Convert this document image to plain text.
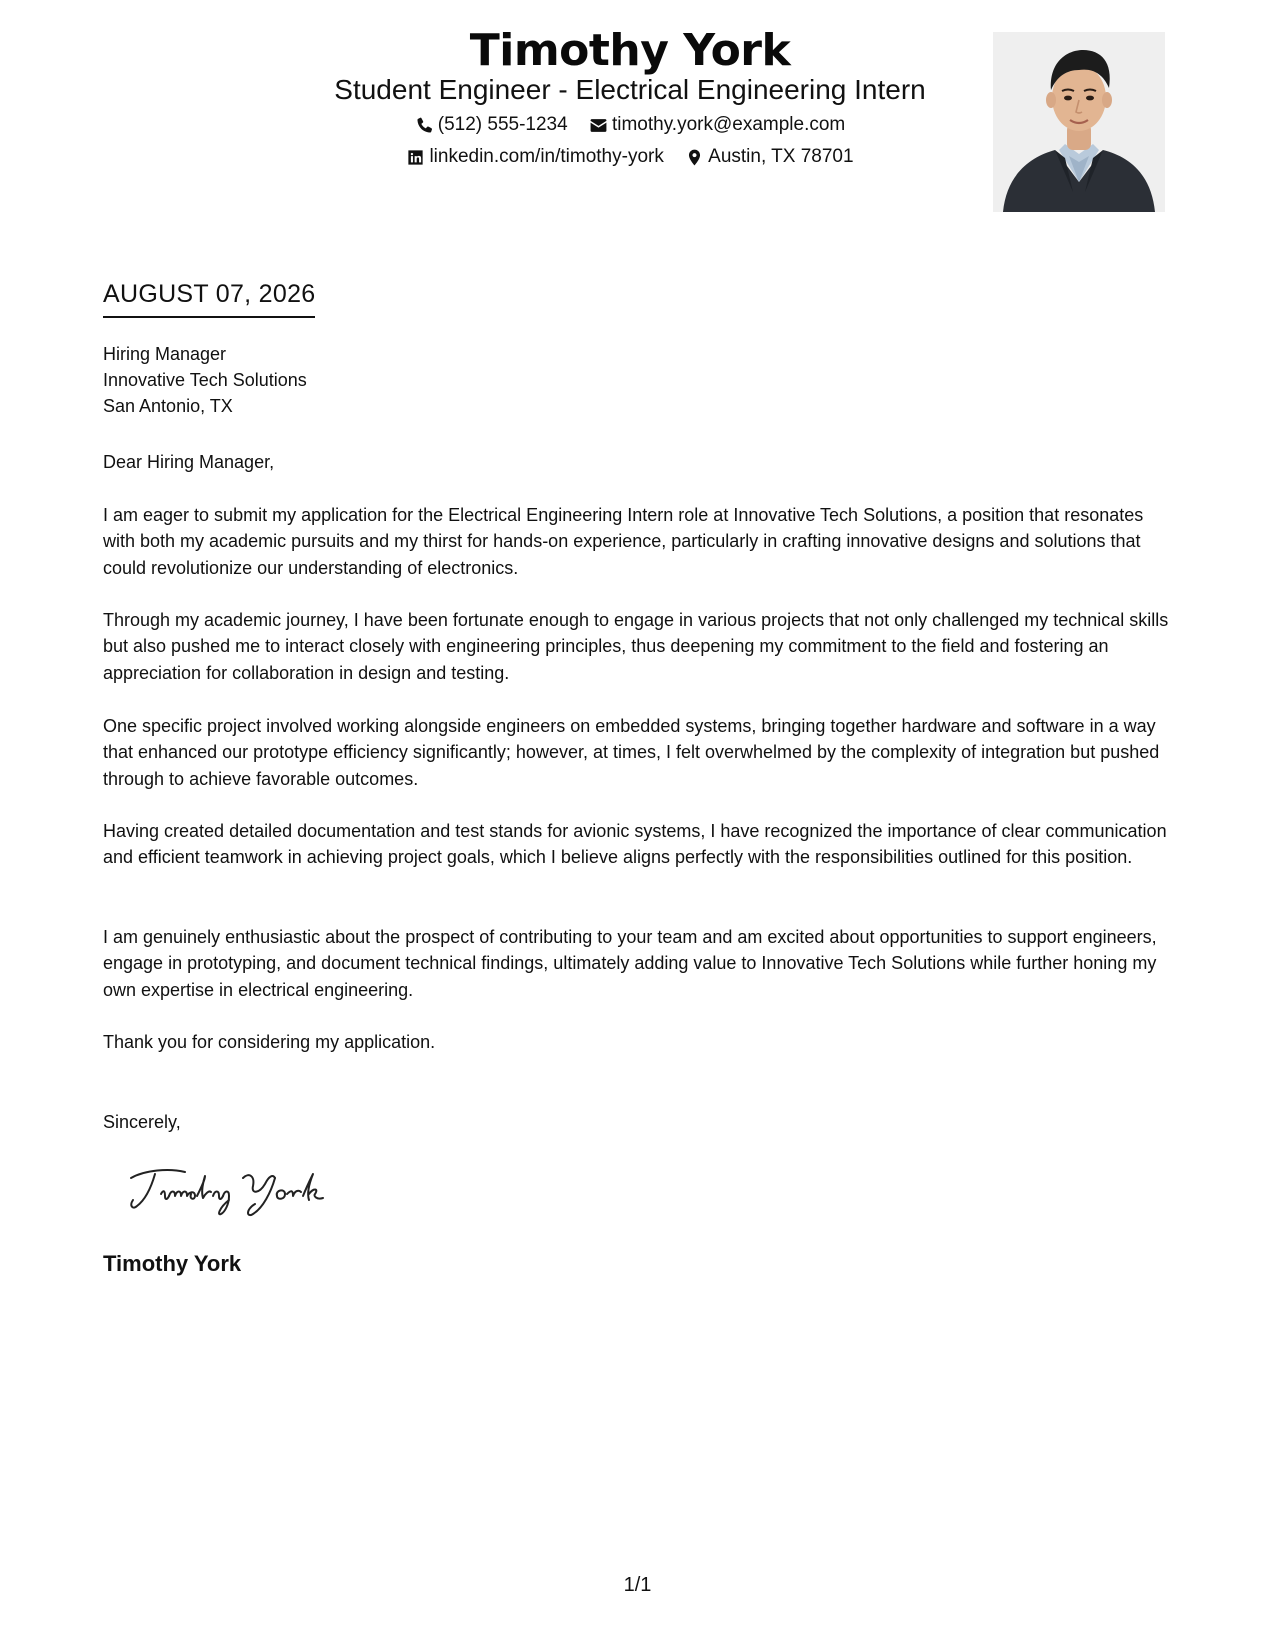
Timothy York
Student Engineer - Electrical Engineering Intern
(512) 555-1234
timothy.york@example.com
linkedin.com/in/timothy-york
Austin, TX 78701
AUGUST 07, 2026
Hiring Manager
Innovative Tech Solutions
San Antonio, TX
Dear Hiring Manager,
I am eager to submit my application for the Electrical Engineering Intern role at Innovative Tech Solutions, a position that resonates with both my academic pursuits and my thirst for hands-on experience, particularly in crafting innovative designs and solutions that could revolutionize our understanding of electronics.
Through my academic journey, I have been fortunate enough to engage in various projects that not only challenged my technical skills but also pushed me to interact closely with engineering principles, thus deepening my commitment to the field and fostering an appreciation for collaboration in design and testing.
One specific project involved working alongside engineers on embedded systems, bringing together hardware and software in a way that enhanced our prototype efficiency significantly; however, at times, I felt overwhelmed by the complexity of integration but pushed through to achieve favorable outcomes.
Having created detailed documentation and test stands for avionic systems, I have recognized the importance of clear communication and efficient teamwork in achieving project goals, which I believe aligns perfectly with the responsibilities outlined for this position.
I am genuinely enthusiastic about the prospect of contributing to your team and am excited about opportunities to support engineers, engage in prototyping, and document technical findings, ultimately adding value to Innovative Tech Solutions while further honing my own expertise in electrical engineering.
Thank you for considering my application.
Sincerely,
Timothy York
1/1
